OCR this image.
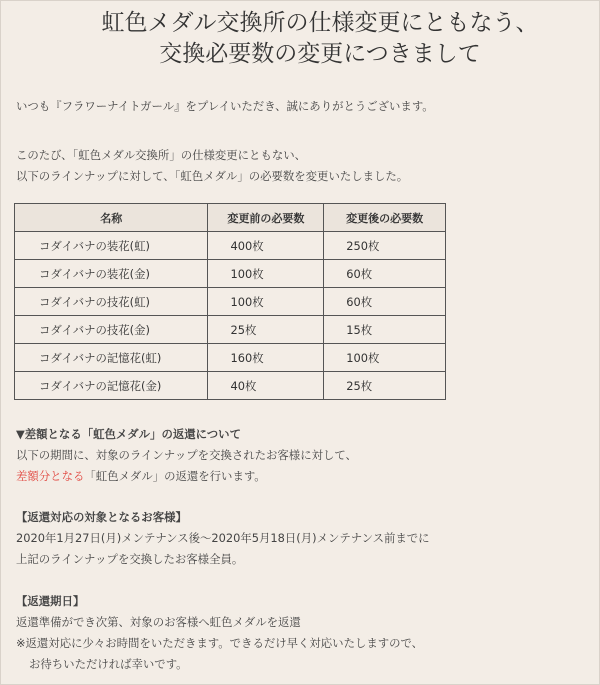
虹色メダル交換所の仕様変更にともなう、
交換必要数の変更につきまして

いつも『フラワーナイトガール』をプレイいただき、誠にありがとうございます。

このたび、「虹色メダル交換所」の仕様変更にともない、
以下のラインナップに対して、「虹色メダル」の必要数を変更いたしました。

名称	変更前の必要数	変更後の必要数
コダイバナの装花(虹)	400枚	250枚
コダイバナの装花(金)	100枚	60枚
コダイバナの技花(虹)	100枚	60枚
コダイバナの技花(金)	25枚	15枚
コダイバナの記憶花(虹)	160枚	100枚
コダイバナの記憶花(金)	40枚	25枚

▼差額となる「虹色メダル」の返還について
以下の期間に、対象のラインナップを交換されたお客様に対して、
差額分となる「虹色メダル」の返還を行います。

【返還対応の対象となるお客様】
2020年1月27日(月)メンテナンス後～2020年5月18日(月)メンテナンス前までに
上記のラインナップを交換したお客様全員。

【返還期日】
返還準備ができ次第、対象のお客様へ虹色メダルを返還
※返還対応に少々お時間をいただきます。できるだけ早く対応いたしますので、
お待ちいただければ幸いです。
